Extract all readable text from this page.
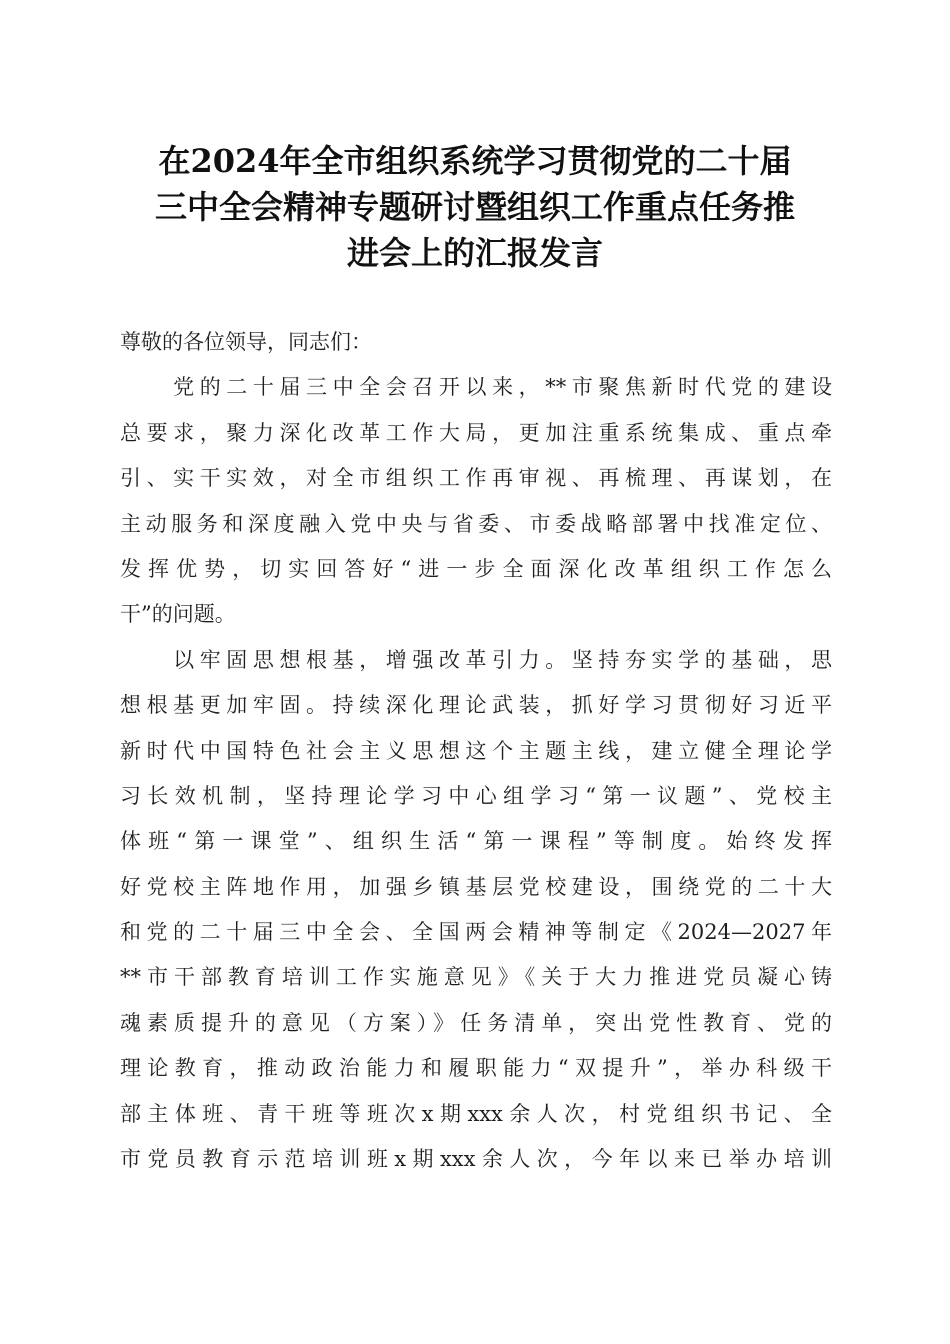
在2024年全市组织系统学习贯彻党的二十届
三中全会精神专题研讨暨组织工作重点任务推
进会上的汇报发言
尊敬的各位领导，同志们：
　　党的二十届三中全会召开以来，**市聚焦新时代党的建设
总要求，聚力深化改革工作大局，更加注重系统集成、重点牵
引、实干实效，对全市组织工作再审视、再梳理、再谋划，在
主动服务和深度融入党中央与省委、市委战略部署中找准定位、
发挥优势，切实回答好“进一步全面深化改革组织工作怎么
干”的问题。
　　以牢固思想根基，增强改革引力。坚持夯实学的基础，思
想根基更加牢固。持续深化理论武装，抓好学习贯彻好习近平
新时代中国特色社会主义思想这个主题主线，建立健全理论学
习长效机制，坚持理论学习中心组学习“第一议题”、党校主
体班“第一课堂”、组织生活“第一课程”等制度。始终发挥
好党校主阵地作用，加强乡镇基层党校建设，围绕党的二十大
和党的二十届三中全会、全国两会精神等制定《2024—2027年
**市干部教育培训工作实施意见》《关于大力推进党员凝心铸
魂素质提升的意见（方案）》任务清单，突出党性教育、党的
理论教育，推动政治能力和履职能力“双提升”，举办科级干
部主体班、青干班等班次x期xxx余人次，村党组织书记、全
市党员教育示范培训班x期xxx余人次，今年以来已举办培训
